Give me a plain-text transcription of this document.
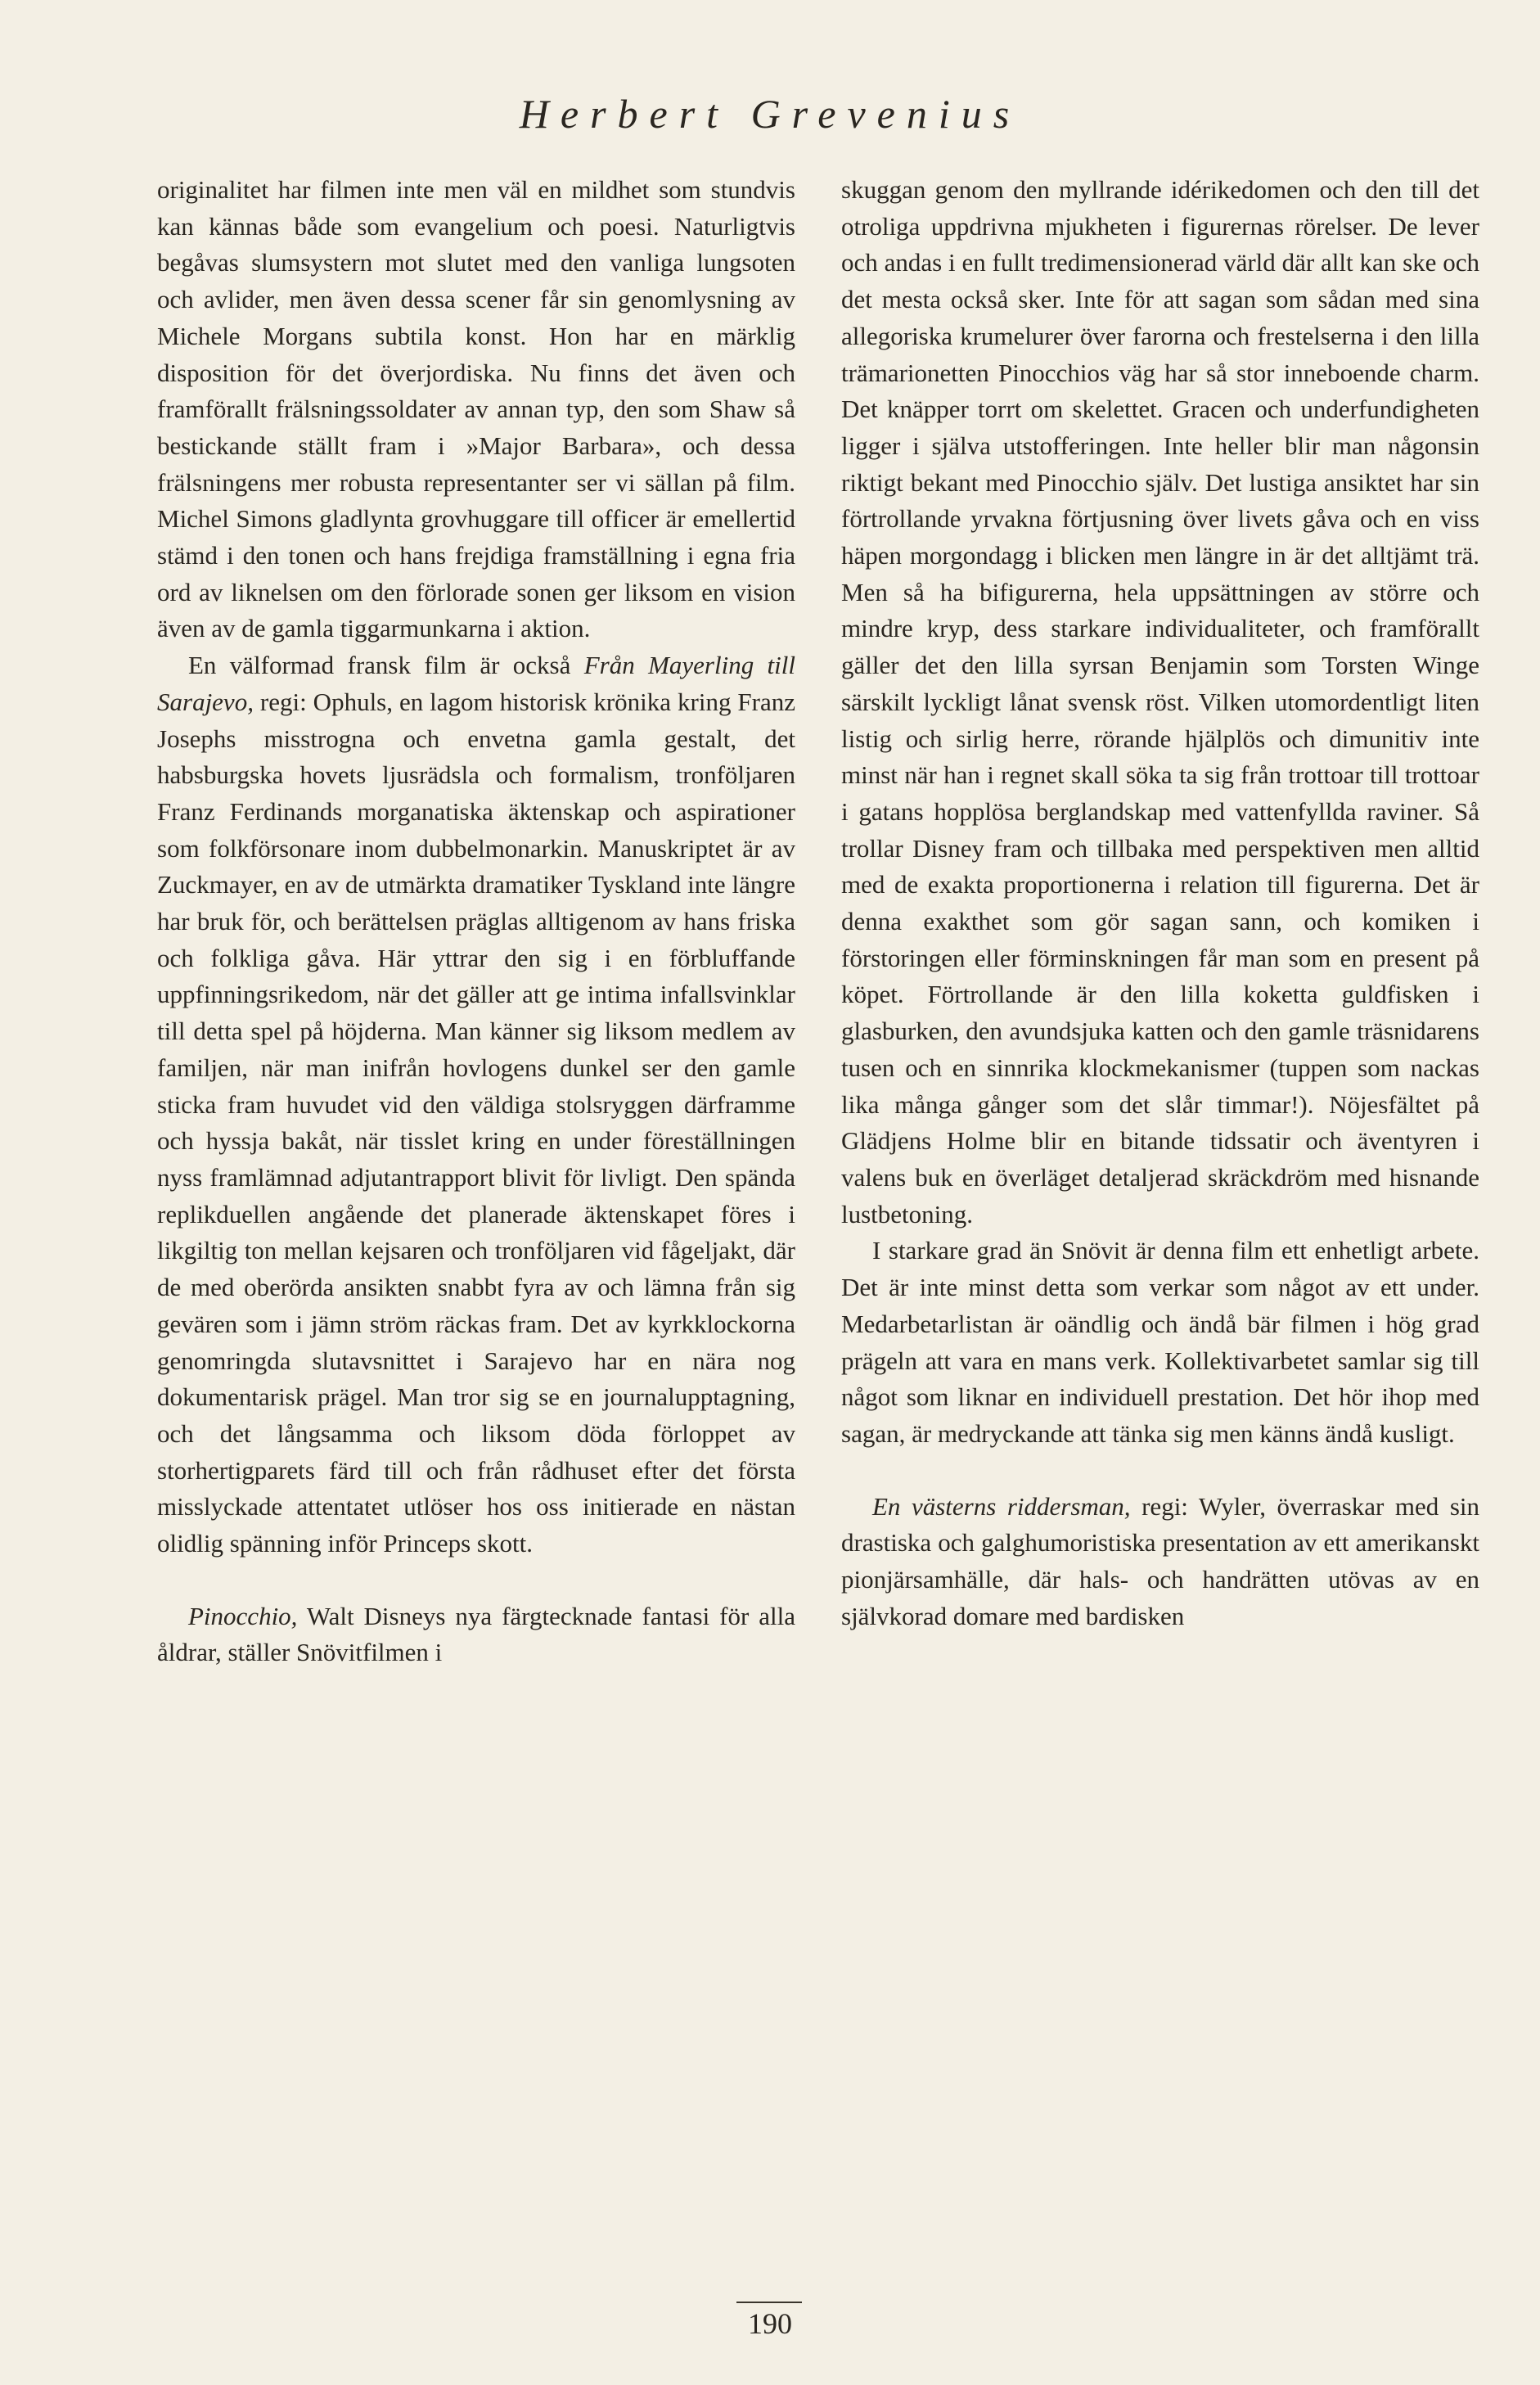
Herbert Grevenius

originalitet har filmen inte men väl en mildhet som stundvis kan kännas både som evangelium och poesi. Naturligtvis begåvas slumsystern mot slutet med den vanliga lungsoten och avlider, men även dessa scener får sin genomlysning av Michele Morgans subtila konst. Hon har en märklig disposition för det överjordiska. Nu finns det även och framförallt frälsningssoldater av annan typ, den som Shaw så bestickande ställt fram i »Major Barbara», och dessa frälsningens mer robusta representanter ser vi sällan på film. Michel Simons gladlynta grovhuggare till officer är emellertid stämd i den tonen och hans frejdiga framställning i egna fria ord av liknelsen om den förlorade sonen ger liksom en vision även av de gamla tiggarmunkarna i aktion.

En välformad fransk film är också Från Mayerling till Sarajevo, regi: Ophuls, en lagom historisk krönika kring Franz Josephs misstrogna och envetna gamla gestalt, det habsburgska hovets ljusrädsla och formalism, tronföljaren Franz Ferdinands morganatiska äktenskap och aspirationer som folkförsonare inom dubbelmonarkin. Manuskriptet är av Zuckmayer, en av de utmärkta dramatiker Tyskland inte längre har bruk för, och berättelsen präglas alltigenom av hans friska och folkliga gåva. Här yttrar den sig i en förbluffande uppfinningsrikedom, när det gäller att ge intima infallsvinklar till detta spel på höjderna. Man känner sig liksom medlem av familjen, när man inifrån hovlogens dunkel ser den gamle sticka fram huvudet vid den väldiga stolsryggen därframme och hyssja bakåt, när tisslet kring en under föreställningen nyss framlämnad adjutantrapport blivit för livligt. Den spända replikduellen angående det planerade äktenskapet föres i likgiltig ton mellan kejsaren och tronföljaren vid fågeljakt, där de med oberörda ansikten snabbt fyra av och lämna från sig gevären som i jämn ström räckas fram. Det av kyrkklockorna genomringda slutavsnittet i Sarajevo har en nära nog dokumentarisk prägel. Man tror sig se en journalupptagning, och det långsamma och liksom döda förloppet av storhertigparets färd till och från rådhuset efter det första misslyckade attentatet utlöser hos oss initierade en nästan olidlig spänning inför Princeps skott.

Pinocchio, Walt Disneys nya färgtecknade fantasi för alla åldrar, ställer Snövitfilmen i

skuggan genom den myllrande idérikedomen och den till det otroliga uppdrivna mjukheten i figurernas rörelser. De lever och andas i en fullt tredimensionerad värld där allt kan ske och det mesta också sker. Inte för att sagan som sådan med sina allegoriska krumelurer över farorna och frestelserna i den lilla trämarionetten Pinocchios väg har så stor inneboende charm. Det knäpper torrt om skelettet. Gracen och underfundigheten ligger i själva utstofferingen. Inte heller blir man någonsin riktigt bekant med Pinocchio själv. Det lustiga ansiktet har sin förtrollande yrvakna förtjusning över livets gåva och en viss häpen morgondagg i blicken men längre in är det alltjämt trä. Men så ha bifigurerna, hela uppsättningen av större och mindre kryp, dess starkare individualiteter, och framförallt gäller det den lilla syrsan Benjamin som Torsten Winge särskilt lyckligt lånat svensk röst. Vilken utomordentligt liten listig och sirlig herre, rörande hjälplös och dimunitiv inte minst när han i regnet skall söka ta sig från trottoar till trottoar i gatans hopplösa berglandskap med vattenfyllda raviner. Så trollar Disney fram och tillbaka med perspektiven men alltid med de exakta proportionerna i relation till figurerna. Det är denna exakthet som gör sagan sann, och komiken i förstoringen eller förminskningen får man som en present på köpet. Förtrollande är den lilla koketta guldfisken i glasburken, den avundsjuka katten och den gamle träsnidarens tusen och en sinnrika klockmekanismer (tuppen som nackas lika många gånger som det slår timmar!). Nöjesfältet på Glädjens Holme blir en bitande tidssatir och äventyren i valens buk en överläget detaljerad skräckdröm med hisnande lustbetoning.

I starkare grad än Snövit är denna film ett enhetligt arbete. Det är inte minst detta som verkar som något av ett under. Medarbetarlistan är oändlig och ändå bär filmen i hög grad prägeln att vara en mans verk. Kollektivarbetet samlar sig till något som liknar en individuell prestation. Det hör ihop med sagan, är medryckande att tänka sig men känns ändå kusligt.

En västerns riddersman, regi: Wyler, överraskar med sin drastiska och galghumoristiska presentation av ett amerikanskt pionjärsamhälle, där hals- och handrätten utövas av en självkorad domare med bardisken

190
